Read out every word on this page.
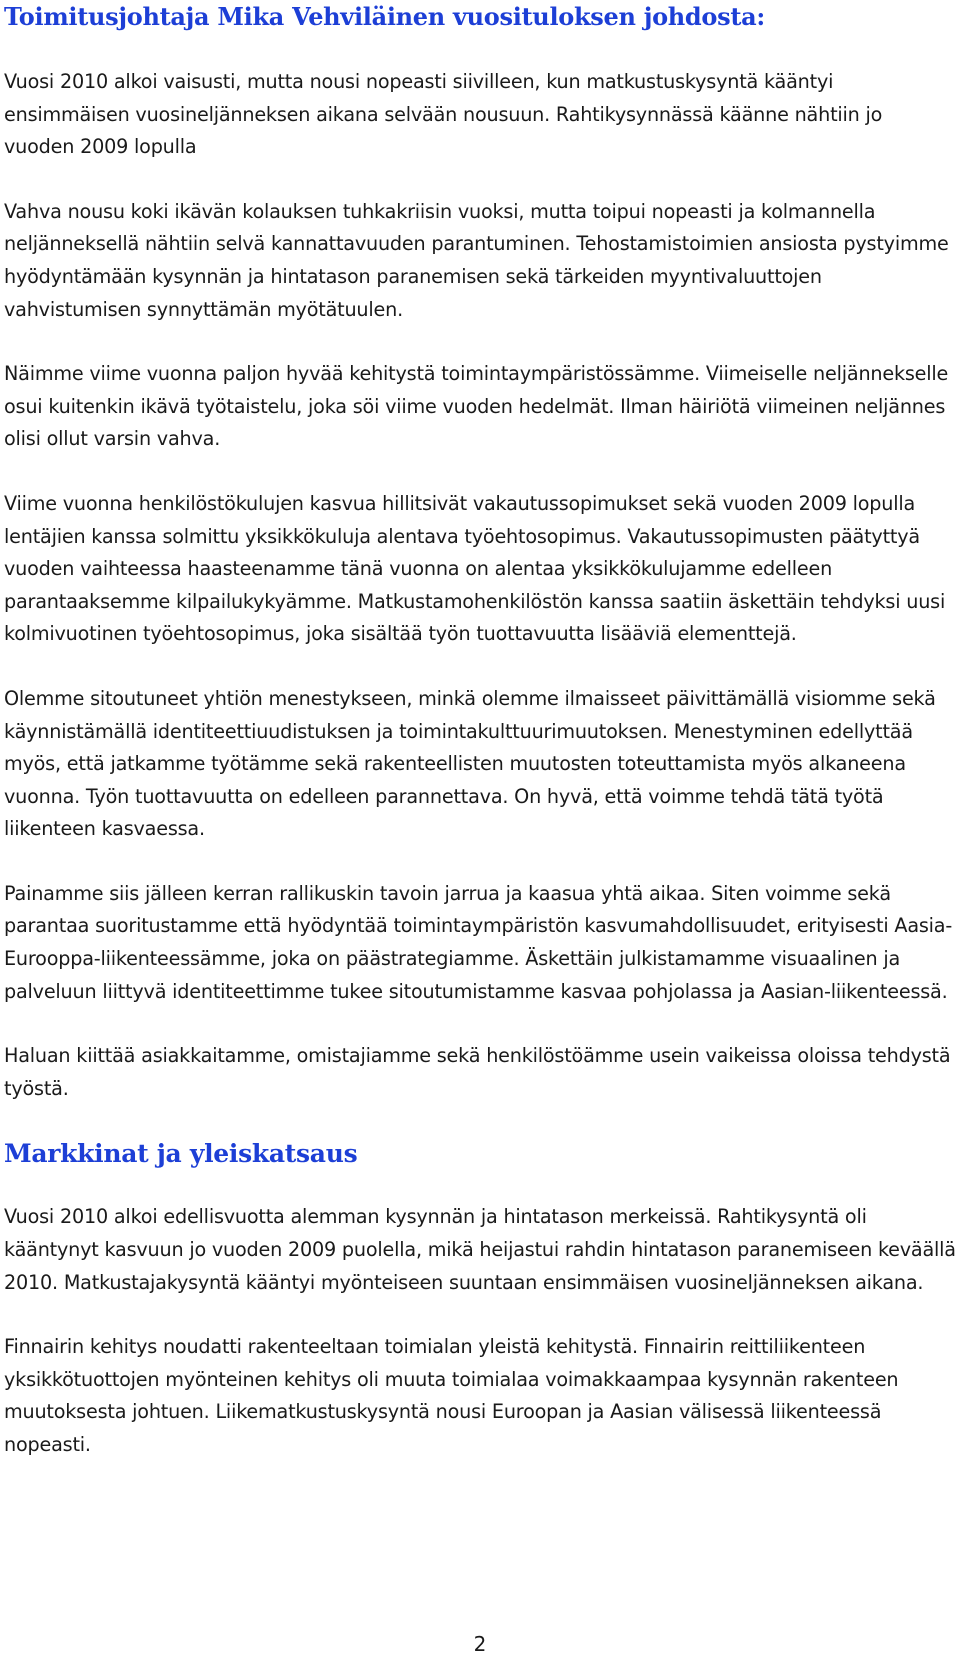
Toimitusjohtaja Mika Vehviläinen vuosituloksen johdosta:

Vuosi 2010 alkoi vaisusti, mutta nousi nopeasti siivilleen, kun matkustuskysyntä kääntyi ensimmäisen vuosineljänneksen aikana selvään nousuun. Rahtikysynnässä käänne nähtiin jo vuoden 2009 lopulla

Vahva nousu koki ikävän kolauksen tuhkakriisin vuoksi, mutta toipui nopeasti ja kolmannella neljänneksellä nähtiin selvä kannattavuuden parantuminen. Tehostamistoimien ansiosta pystyimme hyödyntämään kysynnän ja hintatason paranemisen sekä tärkeiden myyntivaluuttojen vahvistumisen synnyttämän myötätuulen.

Näimme viime vuonna paljon hyvää kehitystä toimintaympäristössämme. Viimeiselle neljännekselle osui kuitenkin ikävä työtaistelu, joka söi viime vuoden hedelmät. Ilman häiriötä viimeinen neljännes olisi ollut varsin vahva.

Viime vuonna henkilöstökulujen kasvua hillitsivät vakautussopimukset sekä vuoden 2009 lopulla lentäjien kanssa solmittu yksikkökuluja alentava työehtosopimus. Vakautussopimusten päätyttyä vuoden vaihteessa haasteenamme tänä vuonna on alentaa yksikkökulujamme edelleen parantaaksemme kilpailukykyämme. Matkustamohenkilöstön kanssa saatiin äskettäin tehdyksi uusi kolmivuotinen työehtosopimus, joka sisältää työn tuottavuutta lisääviä elementtejä.

Olemme sitoutuneet yhtiön menestykseen, minkä olemme ilmaisseet päivittämällä visiomme sekä käynnistämällä identiteettiuudistuksen ja toimintakulttuurimuutoksen. Menestyminen edellyttää myös, että jatkamme työtämme sekä rakenteellisten muutosten toteuttamista myös alkaneena vuonna. Työn tuottavuutta on edelleen parannettava. On hyvä, että voimme tehdä tätä työtä liikenteen kasvaessa.

Painamme siis jälleen kerran rallikuskin tavoin jarrua ja kaasua yhtä aikaa. Siten voimme sekä parantaa suoritustamme että hyödyntää toimintaympäristön kasvumahdollisuudet, erityisesti Aasia-Eurooppa-liikenteessämme, joka on päästrategiamme. Äskettäin julkistamamme visuaalinen ja palveluun liittyvä identiteettimme tukee sitoutumistamme kasvaa pohjolassa ja Aasian-liikenteessä.

Haluan kiittää asiakkaitamme, omistajiamme sekä henkilöstöämme usein vaikeissa oloissa tehdystä työstä.

Markkinat ja yleiskatsaus

Vuosi 2010 alkoi edellisvuotta alemman kysynnän ja hintatason merkeissä. Rahtikysyntä oli kääntynyt kasvuun jo vuoden 2009 puolella, mikä heijastui rahdin hintatason paranemiseen keväällä 2010. Matkustajakysyntä kääntyi myönteiseen suuntaan ensimmäisen vuosineljänneksen aikana.

Finnairin kehitys noudatti rakenteeltaan toimialan yleistä kehitystä. Finnairin reittiliikenteen yksikkötuottojen myönteinen kehitys oli muuta toimialaa voimakkaampaa kysynnän rakenteen muutoksesta johtuen. Liikematkustuskysyntä nousi Euroopan ja Aasian välisessä liikenteessä nopeasti.

2
